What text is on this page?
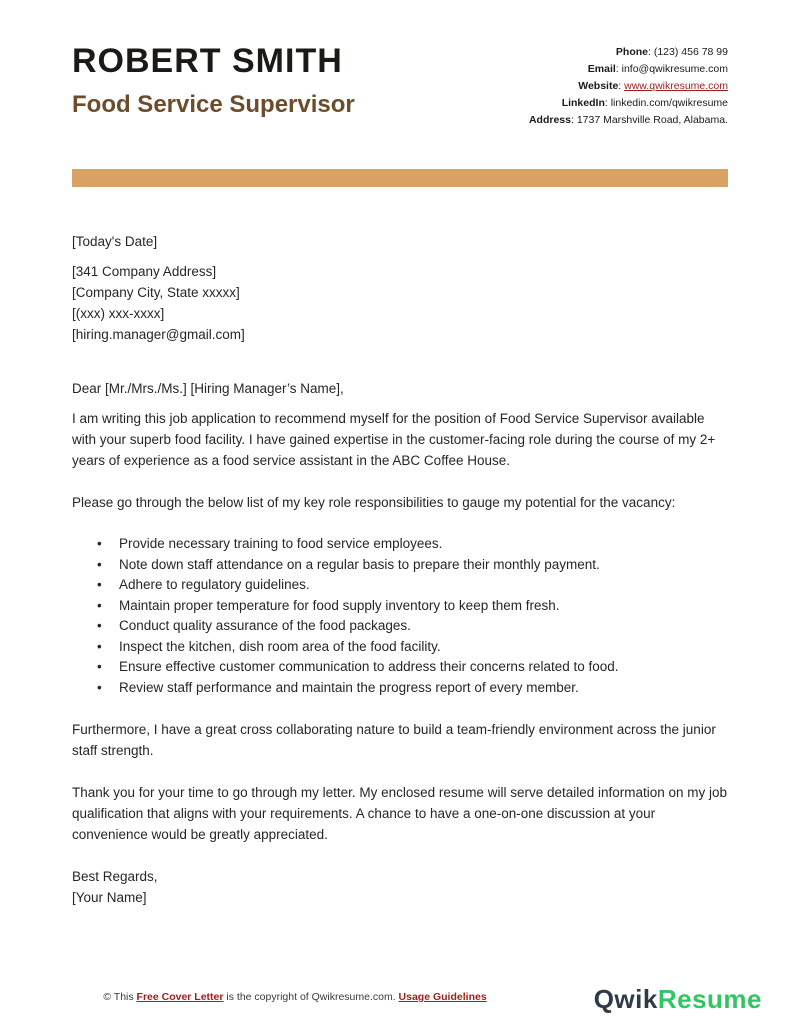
ROBERT SMITH
Food Service Supervisor
Phone: (123) 456 78 99
Email: info@qwikresume.com
Website: www.qwikresume.com
LinkedIn: linkedin.com/qwikresume
Address: 1737 Marshville Road, Alabama.

[Today's Date]

[341 Company Address]
[Company City, State xxxxx]
[(xxx) xxx-xxxx]
[hiring.manager@gmail.com]

Dear [Mr./Mrs./Ms.] [Hiring Manager’s Name],

I am writing this job application to recommend myself for the position of Food Service Supervisor available with your superb food facility. I have gained expertise in the customer-facing role during the course of my 2+ years of experience as a food service assistant in the ABC Coffee House.

Please go through the below list of my key role responsibilities to gauge my potential for the vacancy:

• Provide necessary training to food service employees.
• Note down staff attendance on a regular basis to prepare their monthly payment.
• Adhere to regulatory guidelines.
• Maintain proper temperature for food supply inventory to keep them fresh.
• Conduct quality assurance of the food packages.
• Inspect the kitchen, dish room area of the food facility.
• Ensure effective customer communication to address their concerns related to food.
• Review staff performance and maintain the progress report of every member.

Furthermore, I have a great cross collaborating nature to build a team-friendly environment across the junior staff strength.

Thank you for your time to go through my letter. My enclosed resume will serve detailed information on my job qualification that aligns with your requirements. A chance to have a one-on-one discussion at your convenience would be greatly appreciated.

Best Regards,
[Your Name]
© This Free Cover Letter is the copyright of Qwikresume.com. Usage Guidelines	QwikResume
